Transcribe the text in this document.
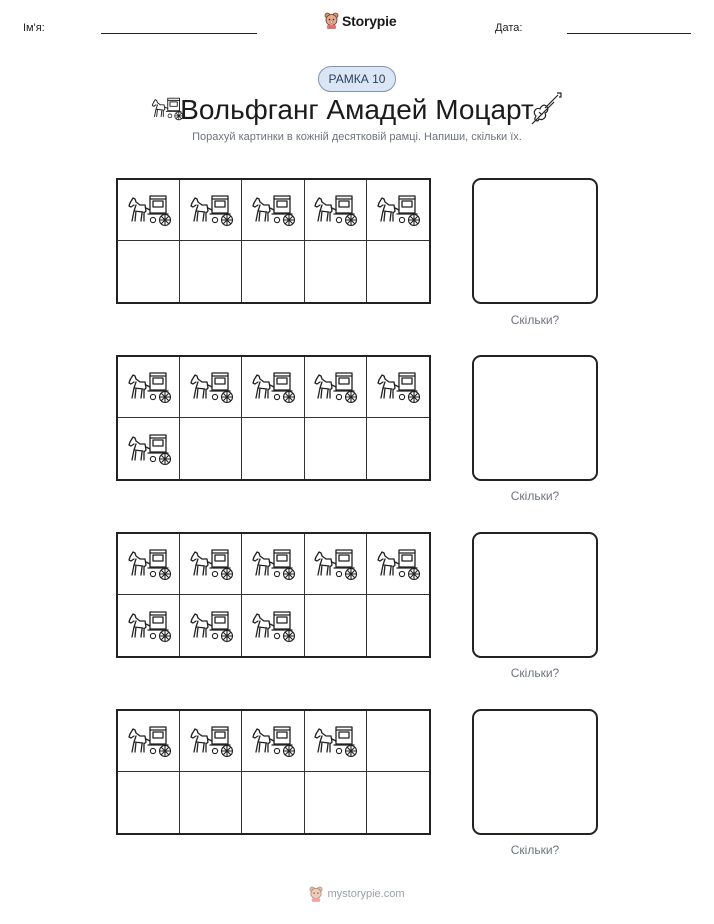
Ім'я:	Storypie	Дата:
РАМКА 10
Вольфганг Амадей Моцарт
Порахуй картинки в кожній десятковій рамці. Напиши, скільки їх.
Скільки?
Скільки?
Скільки?
Скільки?
mystorypie.com
